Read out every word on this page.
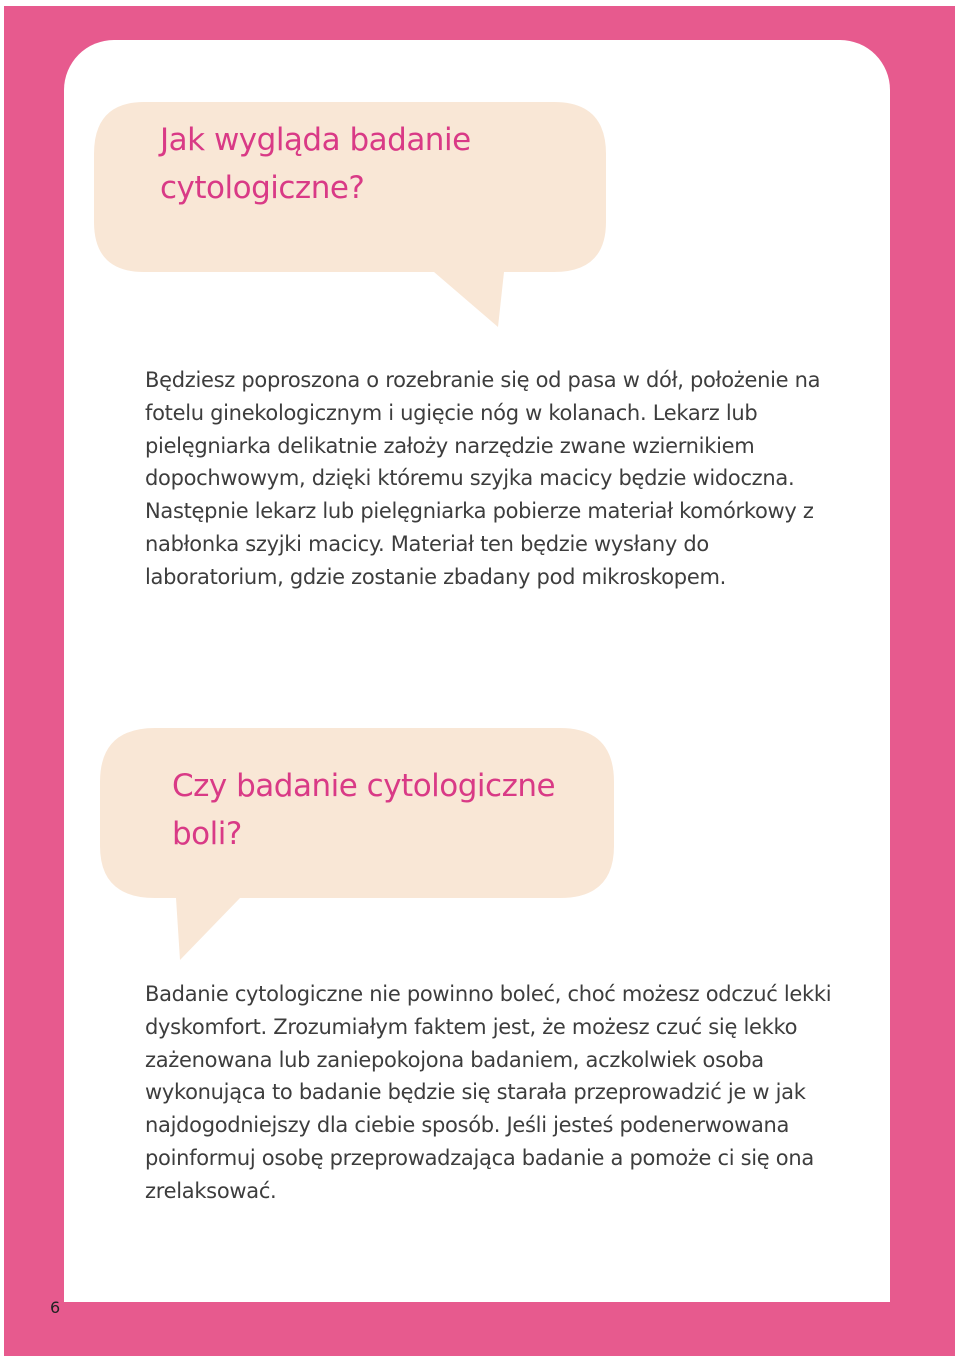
Jak wygląda badanie cytologiczne?

Będziesz poproszona o rozebranie się od pasa w dół, położenie na fotelu ginekologicznym i ugięcie nóg w kolanach. Lekarz lub pielęgniarka delikatnie założy narzędzie zwane wziernikiem dopochwowym, dzięki któremu szyjka macicy będzie widoczna. Następnie lekarz lub pielęgniarka pobierze materiał komórkowy z nabłonka szyjki macicy. Materiał ten będzie wysłany do laboratorium, gdzie zostanie zbadany pod mikroskopem.

Czy badanie cytologiczne boli?

Badanie cytologiczne nie powinno boleć, choć możesz odczuć lekki dyskomfort. Zrozumiałym faktem jest, że możesz czuć się lekko zażenowana lub zaniepokojona badaniem, aczkolwiek osoba wykonująca to badanie będzie się starała przeprowadzić je w jak najdogodniejszy dla ciebie sposób. Jeśli jesteś podenerwowana poinformuj osobę przeprowadzająca badanie a pomoże ci się ona zrelaksować.

6
